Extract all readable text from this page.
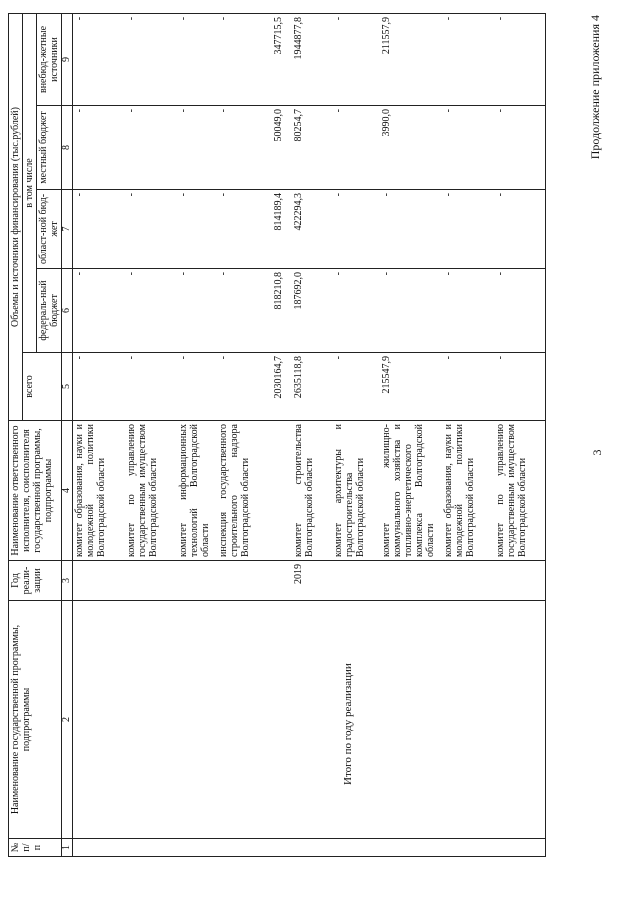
3
Продолжение приложения 4
№ п/п	Наименование государственной программы, подпрограммы	Год реали-зации	Наименование ответственного исполнителя, соисполнителя государственной программы, подпрограммы	Объемы и источники финансирования (тыс.рублей)				
				всего	в том числе			
					федераль-ный бюджет	област-ной бюд-жет	местный бюджет	внебюд-жетные источники
1	2	3	4	5	6	7	8	9
			комитет образования, науки и молодежной политики Волгоградской области	-	-	-	-	-
			комитет по управлению государственным имуществом Волгоградской области	-	-	-	-	-
			комитет информационных технологий Волгоградской области	-	-	-	-	-
			инспекция государственного строительного надзора Волгоградской области	-	-	-	-	-
				2030164,7	818210,8	814189,4	50049,0	347715,5
		2019	комитет строительства Волгоградской области	2635118,8	187692,0	422294,3	80254,7	1944877,8
			комитет архитектуры и градостроительства Волгоградской области	-	-	-	-	-
			комитет жилищно-коммунального хозяйства и топливно-энергетического комплекса Волгоградской области	215547,9	-	-	3990,0	211557,9
			комитет образования, науки и молодежной политики Волгоградской области	-	-	-	-	-
			комитет по управлению государственным имуществом Волгоградской области	-	-	-	-	-
Итого по году реализации
